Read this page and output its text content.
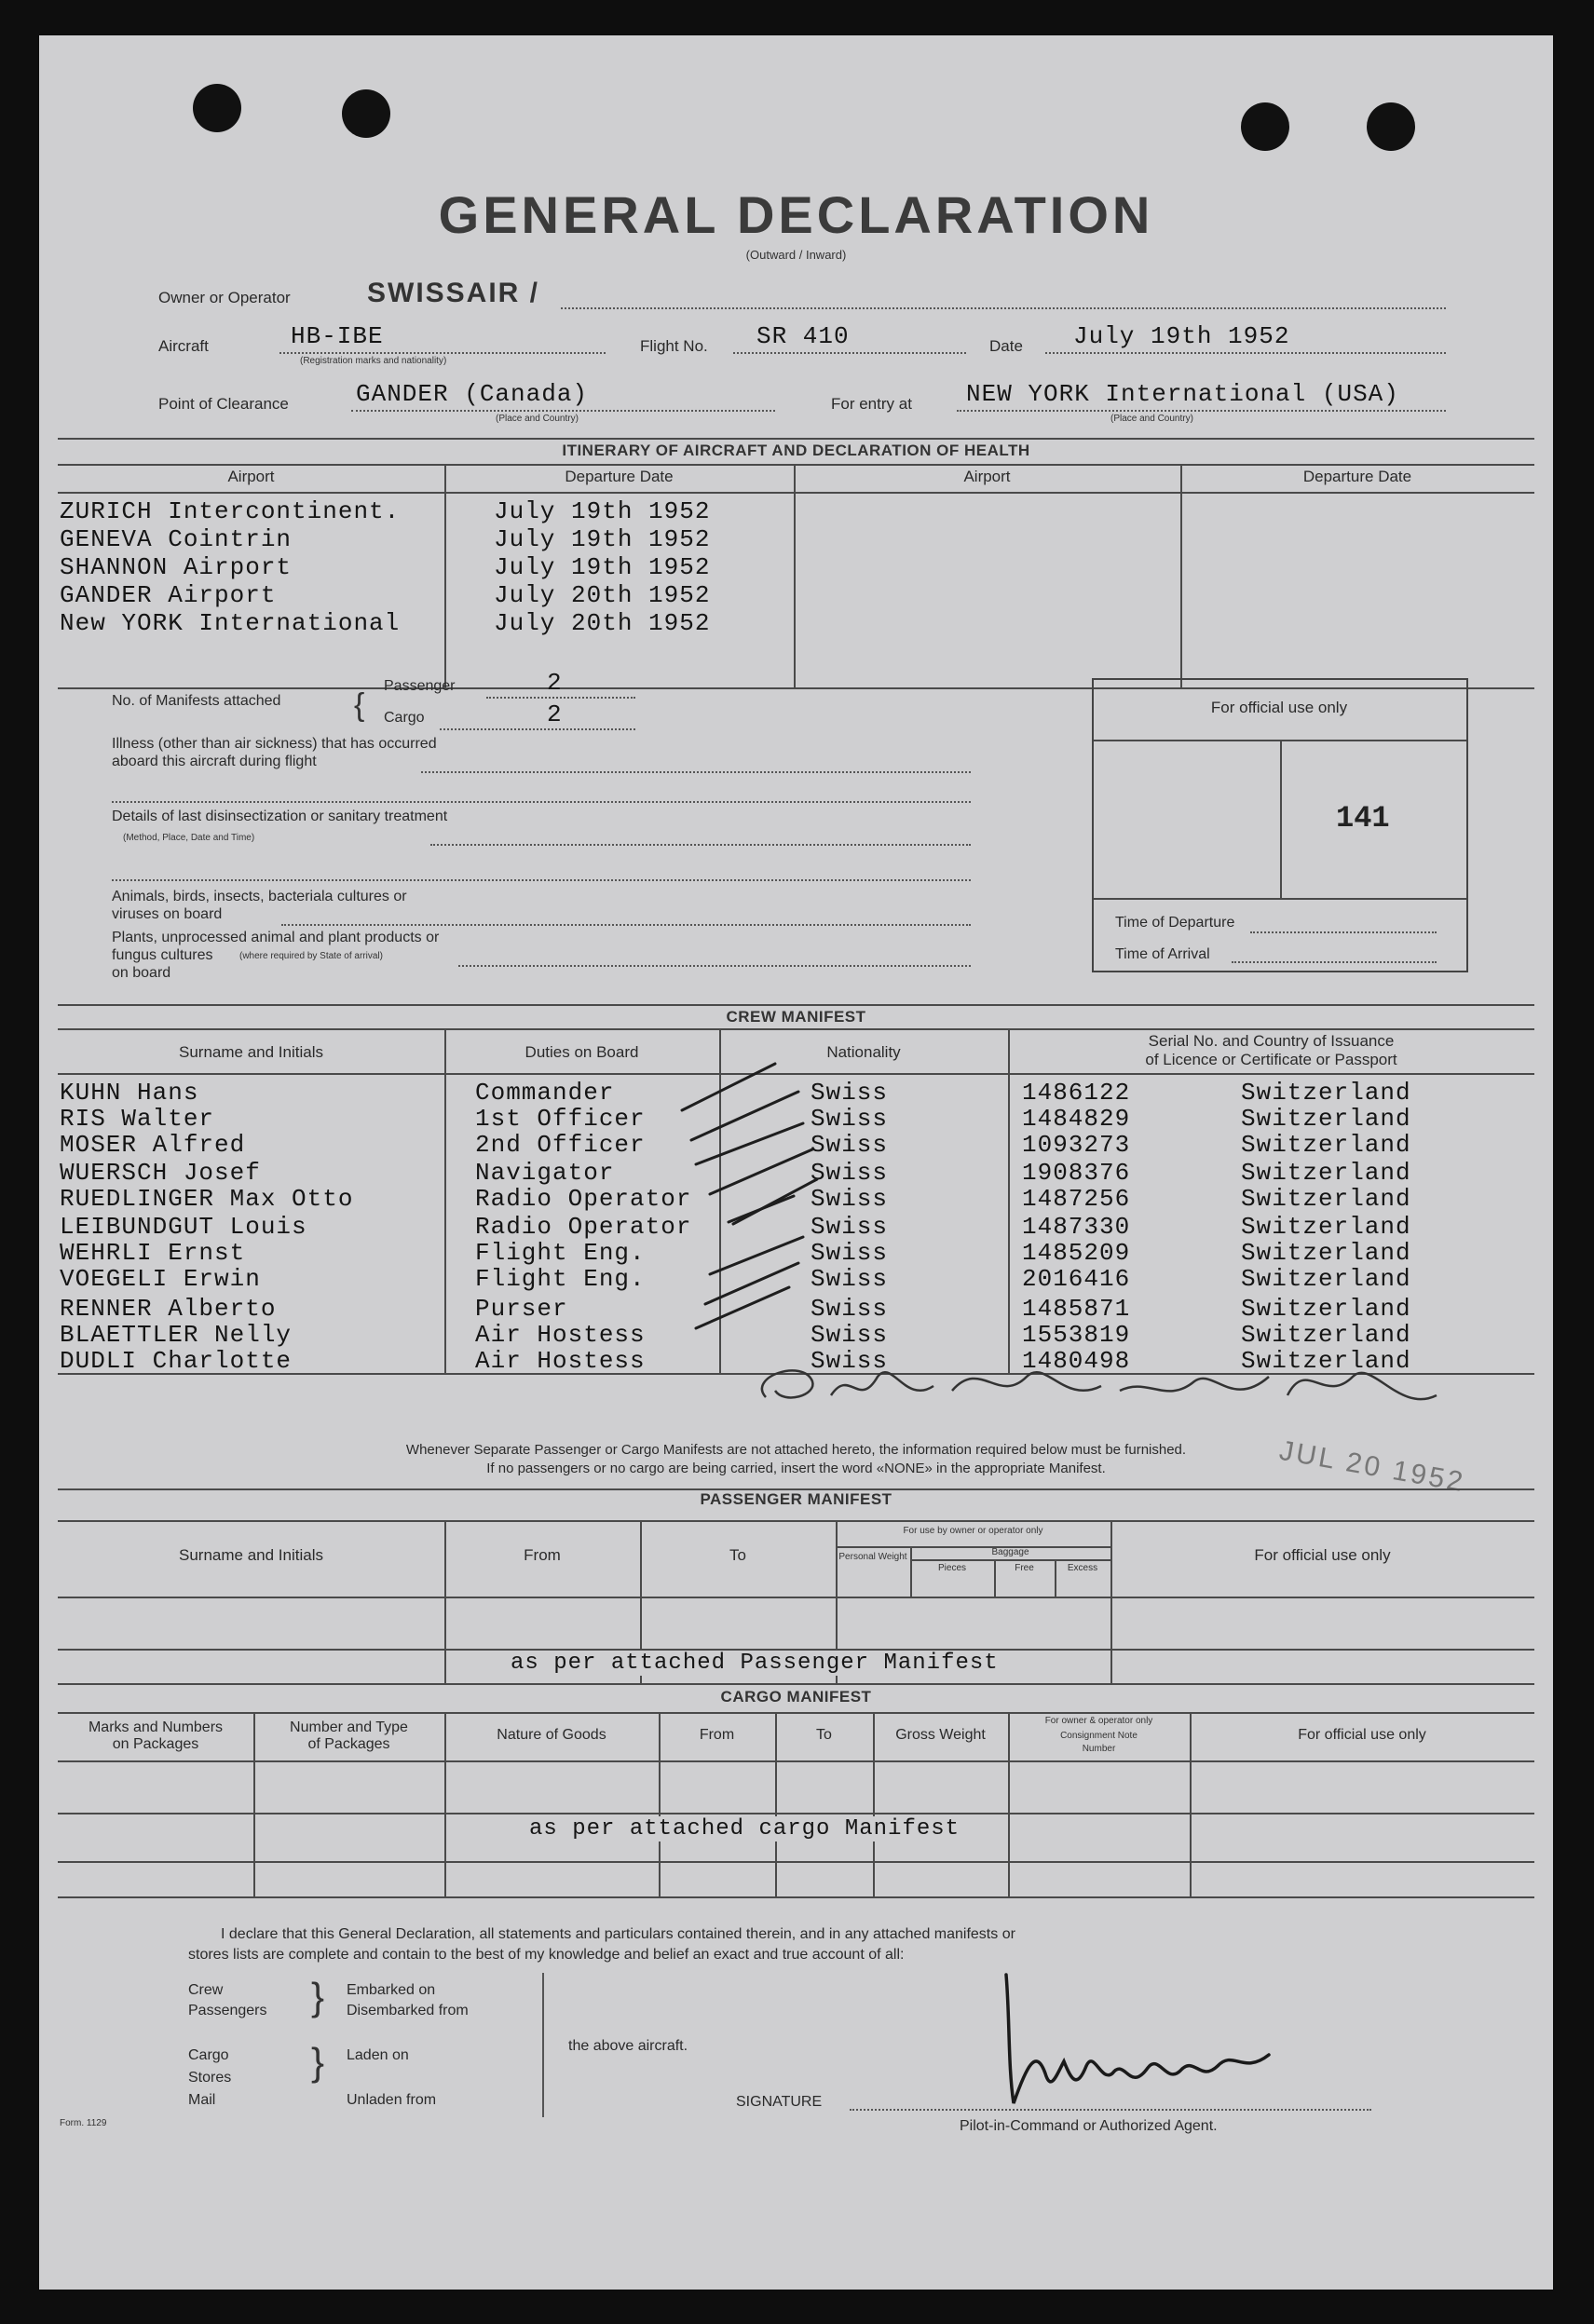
GENERAL DECLARATION
(Outward / Inward)
Owner or Operator	SWISSAIR /
Aircraft	HB-IBE
(Registration marks and nationality)
Flight No. SR 410	Date July 19th 1952
Point of Clearance	GANDER (Canada)
(Place and Country)
For entry at NEW YORK International (USA)
(Place and Country)
ITINERARY OF AIRCRAFT AND DECLARATION OF HEALTH
Airport	Departure Date	Airport	Departure Date
ZURICH Intercontinent.	July 19th 1952
GENEVA Cointrin	July 19th 1952
SHANNON Airport	July 19th 1952
GANDER Airport	July 20th 1952
New YORK International	July 20th 1952
No. of Manifests attached {
Passenger	2
Cargo	2
Illness (other than air sickness) that has occurred
aboard this aircraft during flight
Details of last disinsectization or sanitary treatment
(Method, Place, Date and Time)
Animals, birds, insects, bacteriala cultures or
viruses on board
Plants, unprocessed animal and plant products or
fungus cultures	(where required by State of arrival)
on board
For official use only
141
Time of Departure
Time of Arrival
CREW MANIFEST
Surname and Initials	Duties on Board	Nationality
Serial No. and Country of Issuance
of Licence or Certificate or Passport
KUHN Hans	Commander	Swiss	1486122	Switzerland
RIS Walter	1st Officer	Swiss	1484829	Switzerland
MOSER Alfred	2nd Officer	Swiss	1093273	Switzerland
WUERSCH Josef	Navigator	Swiss	1908376	Switzerland
RUEDLINGER Max Otto	Radio Operator	Swiss	1487256	Switzerland
LEIBUNDGUT Louis	Radio Operator	Swiss	1487330	Switzerland
WEHRLI Ernst	Flight Eng.	Swiss	1485209	Switzerland
VOEGELI Erwin	Flight Eng.	Swiss	2016416	Switzerland
RENNER Alberto	Purser	Swiss	1485871	Switzerland
BLAETTLER Nelly	Air Hostess	Swiss	1553819	Switzerland
DUDLI Charlotte	Air Hostess	Swiss	1480498	Switzerland
Whenever Separate Passenger or Cargo Manifests are not attached hereto, the information required below must be furnished.
If no passengers or no cargo are being carried, insert the word «NONE» in the appropriate Manifest.	JUL 20 1952
PASSENGER MANIFEST
Surname and Initials	From	To
For use by owner or operator only
Personal Weight	Baggage
Pieces	Free	Excess
For official use only
as per attached Passenger Manifest
CARGO MANIFEST
Marks and Numbers
on Packages
Number and Type
of Packages
Nature of Goods	From	To	Gross Weight
For owner & operator only
Consignment Note
Number
For official use only
as per attached cargo Manifest
I declare that this General Declaration, all statements and particulars contained therein, and in any attached manifests or
stores lists are complete and contain to the best of my knowledge and belief an exact and true account of all:
Crew
Passengers } Embarked on
Disembarked from
Cargo
Stores
Mail
} Laden on
Unladen from
the above aircraft.
SIGNATURE
Pilot-in-Command or Authorized Agent.
Form. 1129
